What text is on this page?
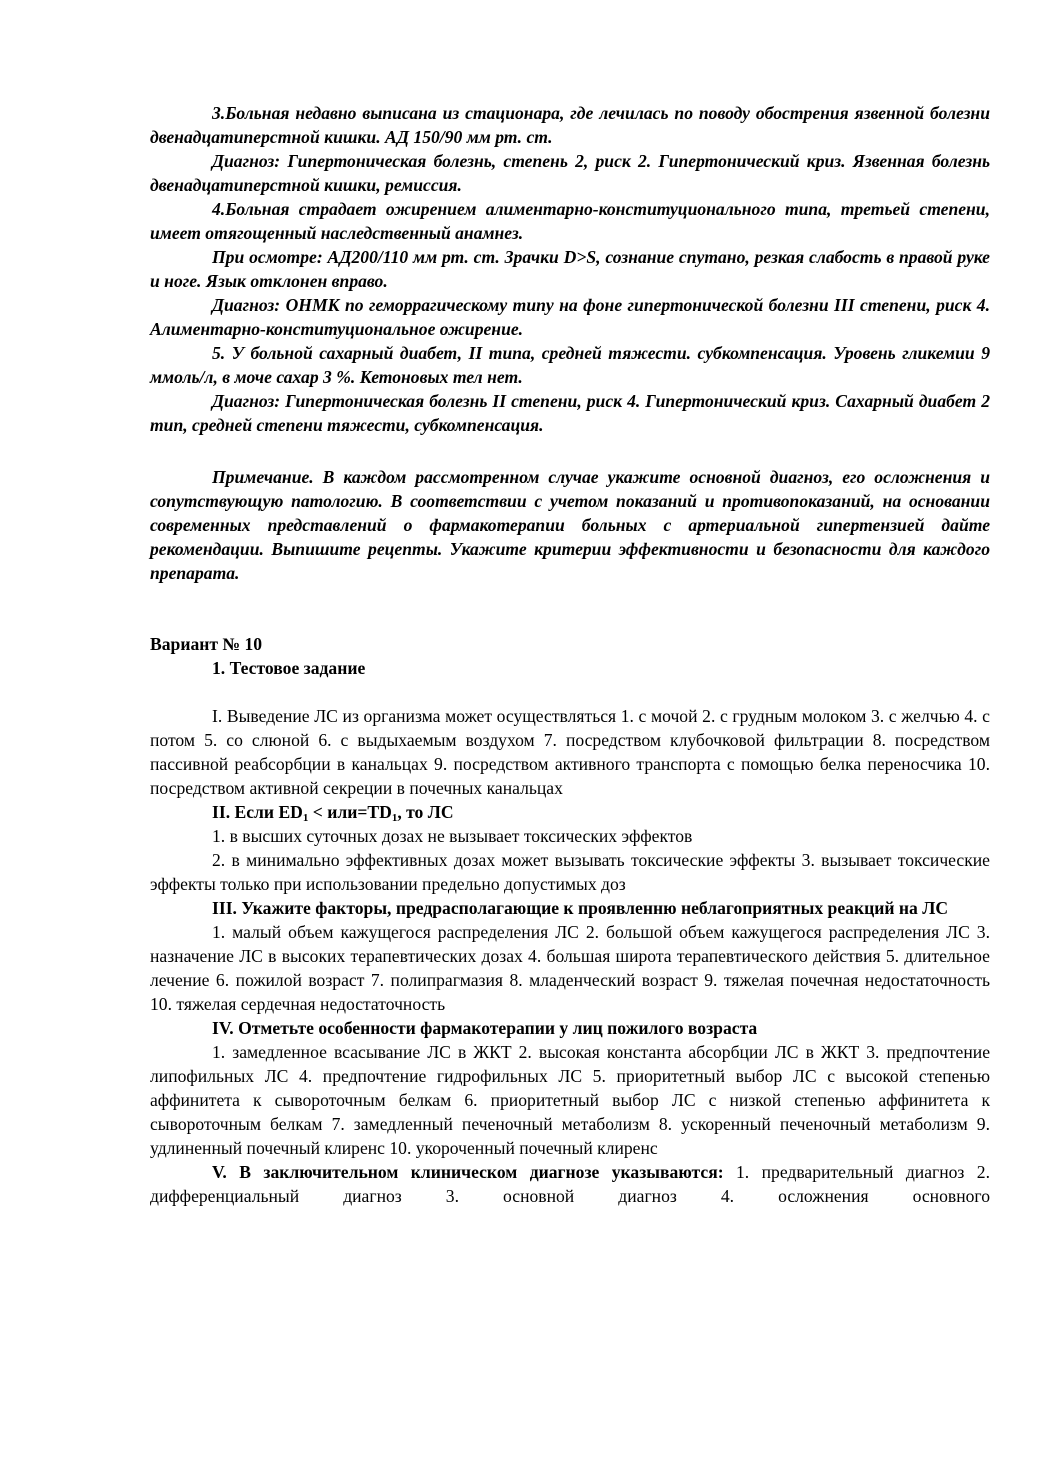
3.Больная недавно выписана из стационара, где лечилась по поводу обострения язвенной болезни двенадцатиперстной кишки. АД 150/90 мм рт. ст.

Диагноз: Гипертоническая болезнь, степень 2, риск 2. Гипертонический криз. Язвенная болезнь двенадцатиперстной кишки, ремиссия.

4.Больная страдает ожирением алиментарно-конституционального типа, третьей степени, имеет отягощенный наследственный анамнез.

При осмотре: АД200/110 мм рт. ст. Зрачки D>S, сознание спутано, резкая слабость в правой руке и ноге. Язык отклонен вправо.

Диагноз: ОНМК по геморрагическому типу на фоне гипертонической болезни III степени, риск 4. Алиментарно-конституциональное ожирение.

5. У больной сахарный диабет, II типа, средней тяжести. субкомпенсация. Уровень гликемии 9 ммоль/л, в моче сахар 3 %. Кетоновых тел нет.

Диагноз: Гипертоническая болезнь II степени, риск 4. Гипертонический криз. Сахарный диабет 2 тип, средней степени тяжести, субкомпенсация.

Примечание. В каждом рассмотренном случае укажите основной диагноз, его осложнения и сопутствующую патологию. В соответствии с учетом показаний и противопоказаний, на основании современных представлений о фармакотерапии больных с артериальной гипертензией дайте рекомендации. Выпишите рецепты. Укажите критерии эффективности и безопасности для каждого препарата.

Вариант № 10

1. Тестовое задание

I. Выведение ЛС из организма может осуществляться 1. с мочой 2. с грудным молоком 3. с желчью 4. с потом 5. со слюной 6. с выдыхаемым воздухом 7. посредством клубочковой фильтрации 8. посредством пассивной реабсорбции в канальцах 9. посредством активного транспорта с помощью белка переносчика 10. посредством активной секреции в почечных канальцах

II. Если $ED_1 < или=TD_1$, то ЛС

1. в высших суточных дозах не вызывает токсических эффектов

2. в минимально эффективных дозах может вызывать токсические эффекты 3. вызывает токсические эффекты только при использовании предельно допустимых доз

III. Укажите факторы, предрасполагающие к проявленню неблагоприятных реакций на ЛС

1. малый объем кажущегося распределения ЛС 2. большой объем кажущегося распределения ЛС 3. назначение ЛС в высоких терапевтических дозах 4. большая широта терапевтического действия 5. длительное лечение 6. пожилой возраст 7. полипрагмазия 8. младенческий возраст 9. тяжелая почечная недостаточность 10. тяжелая сердечная недостаточность

IV. Отметьте особенности фармакотерапии у лиц пожилого возраста

1. замедленное всасывание ЛС в ЖКТ 2. высокая константа абсорбции ЛС в ЖКТ 3. предпочтение липофильных ЛС 4. предпочтение гидрофильных ЛС 5. приоритетный выбор ЛС с высокой степенью аффинитета к сывороточным белкам 6. приоритетный выбор ЛС с низкой степенью аффинитета к сывороточным белкам 7. замедленный печеночный метаболизм 8. ускоренный печеночный метаболизм 9. удлиненный почечный клиренс 10. укороченный почечный клиренс

V. В заключительном клиническом диагнозе указываются: 1. предварительный диагноз 2. дифференциальный диагноз 3. основной диагноз 4. осложнения основного
